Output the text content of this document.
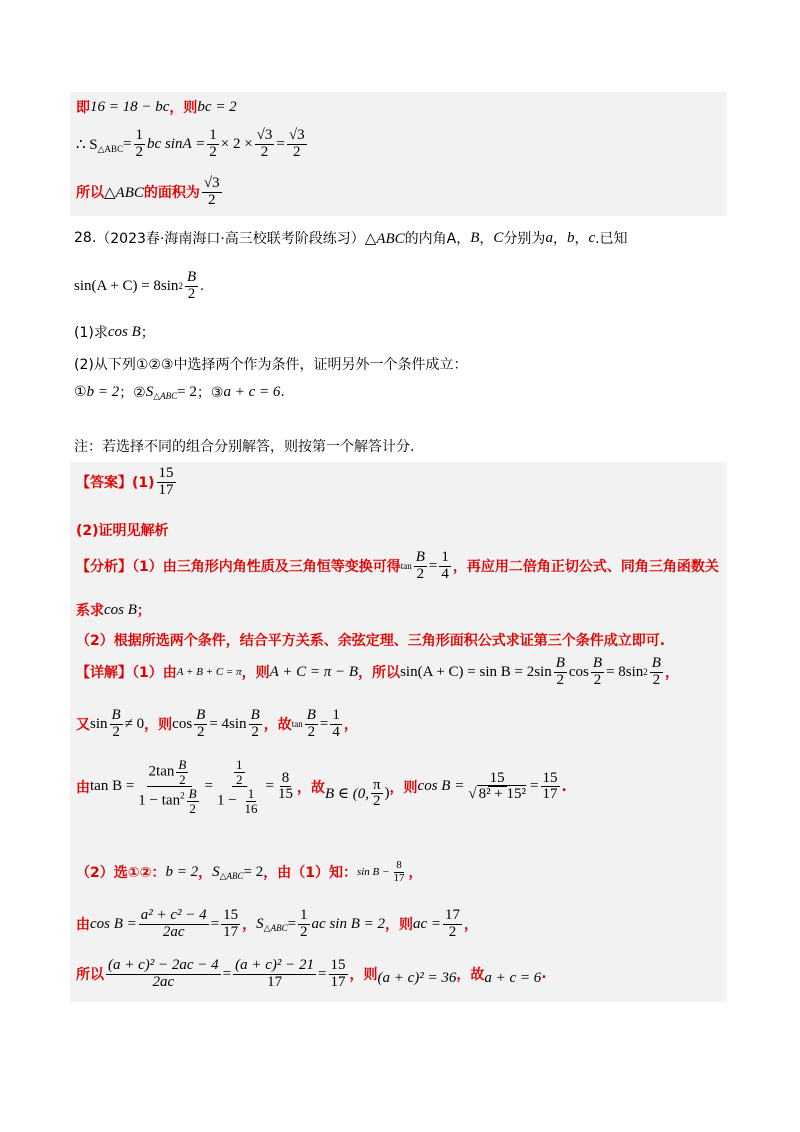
即 16 = 18 − bc ，则 bc = 2
∴ S △ABC = $\frac{1}{2}$ bc $\sin A = \frac{1}{2} \times 2 \times \frac{√3}{2} = \frac{√3}{2}$
所以 △ABC 的面积为 $\frac{√3}{2}$
28. （2023春·海南海口·高三校联考阶段练习） △ABC 的内角A， B ， C 分别为 a ， b ， c .已知
sin(A + C) = 8sin $2 \frac{B}{2}$ .
(1)求 cos B ；
(2)从下列①②③中选择两个作为条件，证明另外一个条件成立：
① b = 2 ；② S △ABC = 2 ；③ a + c = 6 .
注：若选择不同的组合分别解答，则按第一个解答计分.
【答案】$(1) \frac{15}{17}$
(2)证明见解析
【分析】（1）由三角形内角性质及三角恒等变换可得 $\tan \frac{B}{2} = \frac{1}{4}$ ，再应用二倍角正切公式、同角三角函数关
系求 cos B ；
（2）根据所选两个条件，结合平方关系、余弦定理、三角形面积公式求证第三个条件成立即可.
【详解】（1）由 A + B + C = π ，则 A + C = π − B ，所以 $\sin(A + C) = \sin B = 2\sin \frac{B}{2}$ $\cos \frac{B}{2} = 8\sin$ $2 \frac{B}{2}$ ，
又 $\sin \frac{B}{2} \ne 0$ ，则 $\cos \frac{B}{2} = 4\sin \frac{B}{2}$ ，故 $\tan \frac{B}{2} = \frac{1}{4}$ ，
由 $\tan B = \frac{2\tan \frac{B}{2}}{1 - \tan^2 \frac{B}{2}} = \frac{\frac{1}{2}}{1 - \frac{1}{16}} = \frac{8}{15}$ ，故 B ∈ (0, $\frac{\pi}{2}$ ) ，则 $\cos B = \frac{15}{\text{√ 8² + 15²}} = \frac{15}{17}$ .
（2）选①②： b = 2 ， S △ABC = 2 ，由（1）知： $\sin B - \frac{8}{17}$ ，
由 $\cos B = \frac{\text{a² + c² − 4}}{2ac} = \frac{15}{17}$ ， S △ABC = $\frac{1}{2}$ ac sin B = 2 ，则 ac = $\frac{17}{2}$ ，
所以 $\frac{\text{(a + c)² − 2ac − 4}}{2ac} = \frac{\text{(a + c)² − 21}}{17} = \frac{15}{17}$ ，则 (a + c)² = 36 ，故 a + c = 6 .
